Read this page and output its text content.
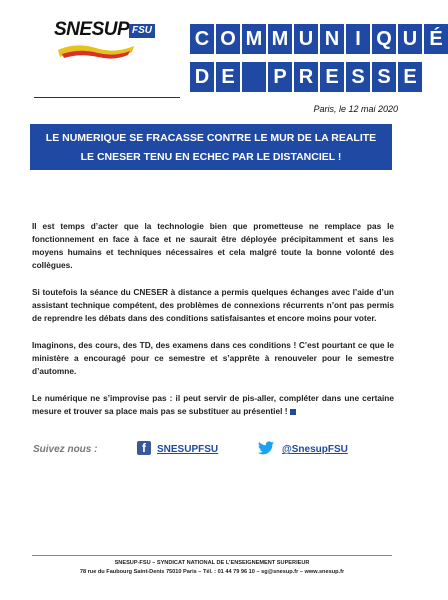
SNESUP FSU C O M M U N I Q U É
D E P R E S S E
Paris, le 12 mai 2020
LE NUMERIQUE SE FRACASSE CONTRE LE MUR DE LA REALITE
LE CNESER TENU EN ECHEC PAR LE DISTANCIEL !

Il est temps d’acter que la technologie bien que prometteuse ne remplace pas le fonctionnement en face à face et ne saurait être déployée précipitamment et sans les moyens humains et techniques nécessaires et cela malgré toute la bonne volonté des collègues.

Si toutefois la séance du CNESER à distance a permis quelques échanges avec l’aide d’un assistant technique compétent, des problèmes de connexions récurrents n’ont pas permis de reprendre les débats dans des conditions satisfaisantes et encore moins pour voter.

Imaginons, des cours, des TD, des examens dans ces conditions ! C’est pourtant ce que le ministère a encouragé pour ce semestre et s’apprête à renouveler pour le semestre d’automne.

Le numérique ne s’improvise pas : il peut servir de pis-aller, compléter dans une certaine mesure et trouver sa place mais pas se substituer au présentiel !

Suivez nous :	f	SNESUPFSU	@SnesupFSU
SNESUP-FSU – SYNDICAT NATIONAL DE L’ENSEIGNEMENT SUPERIEUR
78 rue du Faubourg Saint-Denis 75010 Paris – Tél. : 01 44 79 96 10 – sg@snesup.fr – www.snesup.fr
